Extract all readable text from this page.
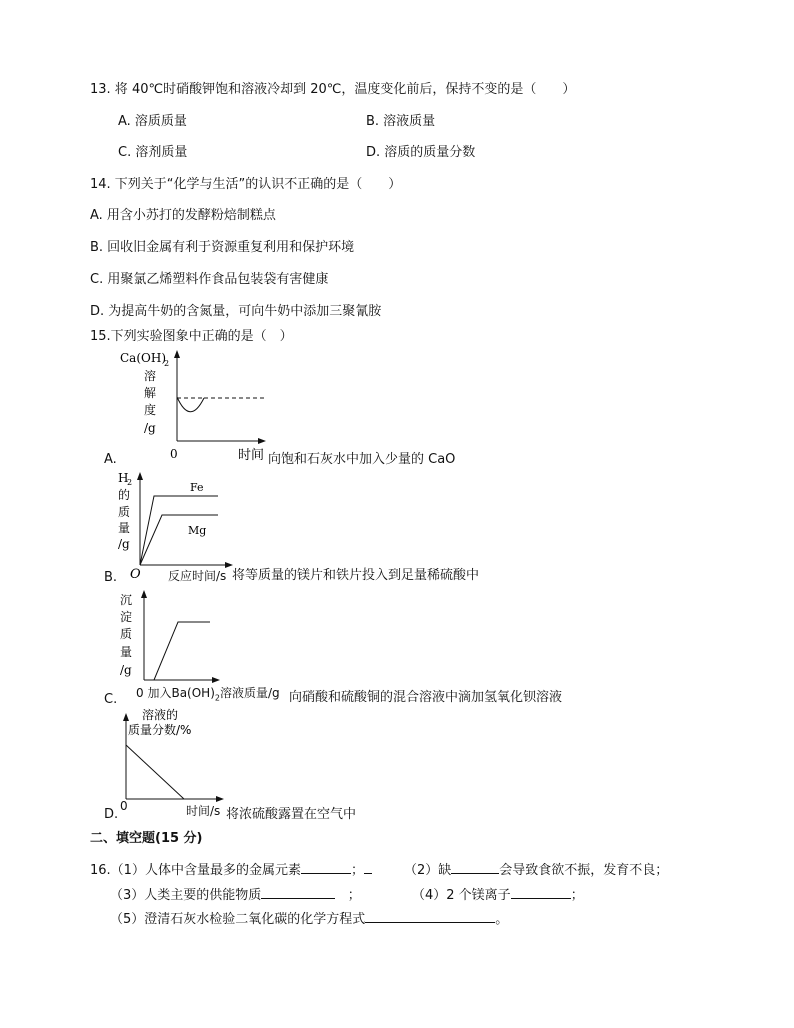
13. 将 40℃时硝酸钾饱和溶液冷却到 20℃，温度变化前后，保持不变的是（　　）
A. 溶质质量	B. 溶液质量
C. 溶剂质量	D. 溶质的质量分数
14. 下列关于“化学与生活”的认识不正确的是（　　）
A. 用含小苏打的发酵粉焙制糕点
B. 回收旧金属有利于资源重复利用和保护环境
C. 用聚氯乙烯塑料作食品包装袋有害健康
D. 为提高牛奶的含氮量，可向牛奶中添加三聚氰胺
15.下列实验图象中正确的是（　）
Ca(OH)
2
溶
解
度
/g
0	时间
A.	向饱和石灰水中加入少量的 CaO
H
2
的
质
量
/g
Fe
Mg
O
B.	反应时间/s 将等质量的镁片和铁片投入到足量稀硫酸中
沉
淀
质
量
/g
0 加入$Ba(OH)_2$溶液质量/g
C.	向硝酸和硫酸铜的混合溶液中滴加氢氧化钡溶液
溶液的
质量分数/%
0	时间/s
D.	将浓硫酸露置在空气中
二、填空题(15 分)
16.（1）人体中含量最多的金属元素	；	（2）缺	会导致食欲不振，发育不良；
（3）人类主要的供能物质	；	（4）2 个镁离子	；
（5）澄清石灰水检验二氧化碳的化学方程式	。
